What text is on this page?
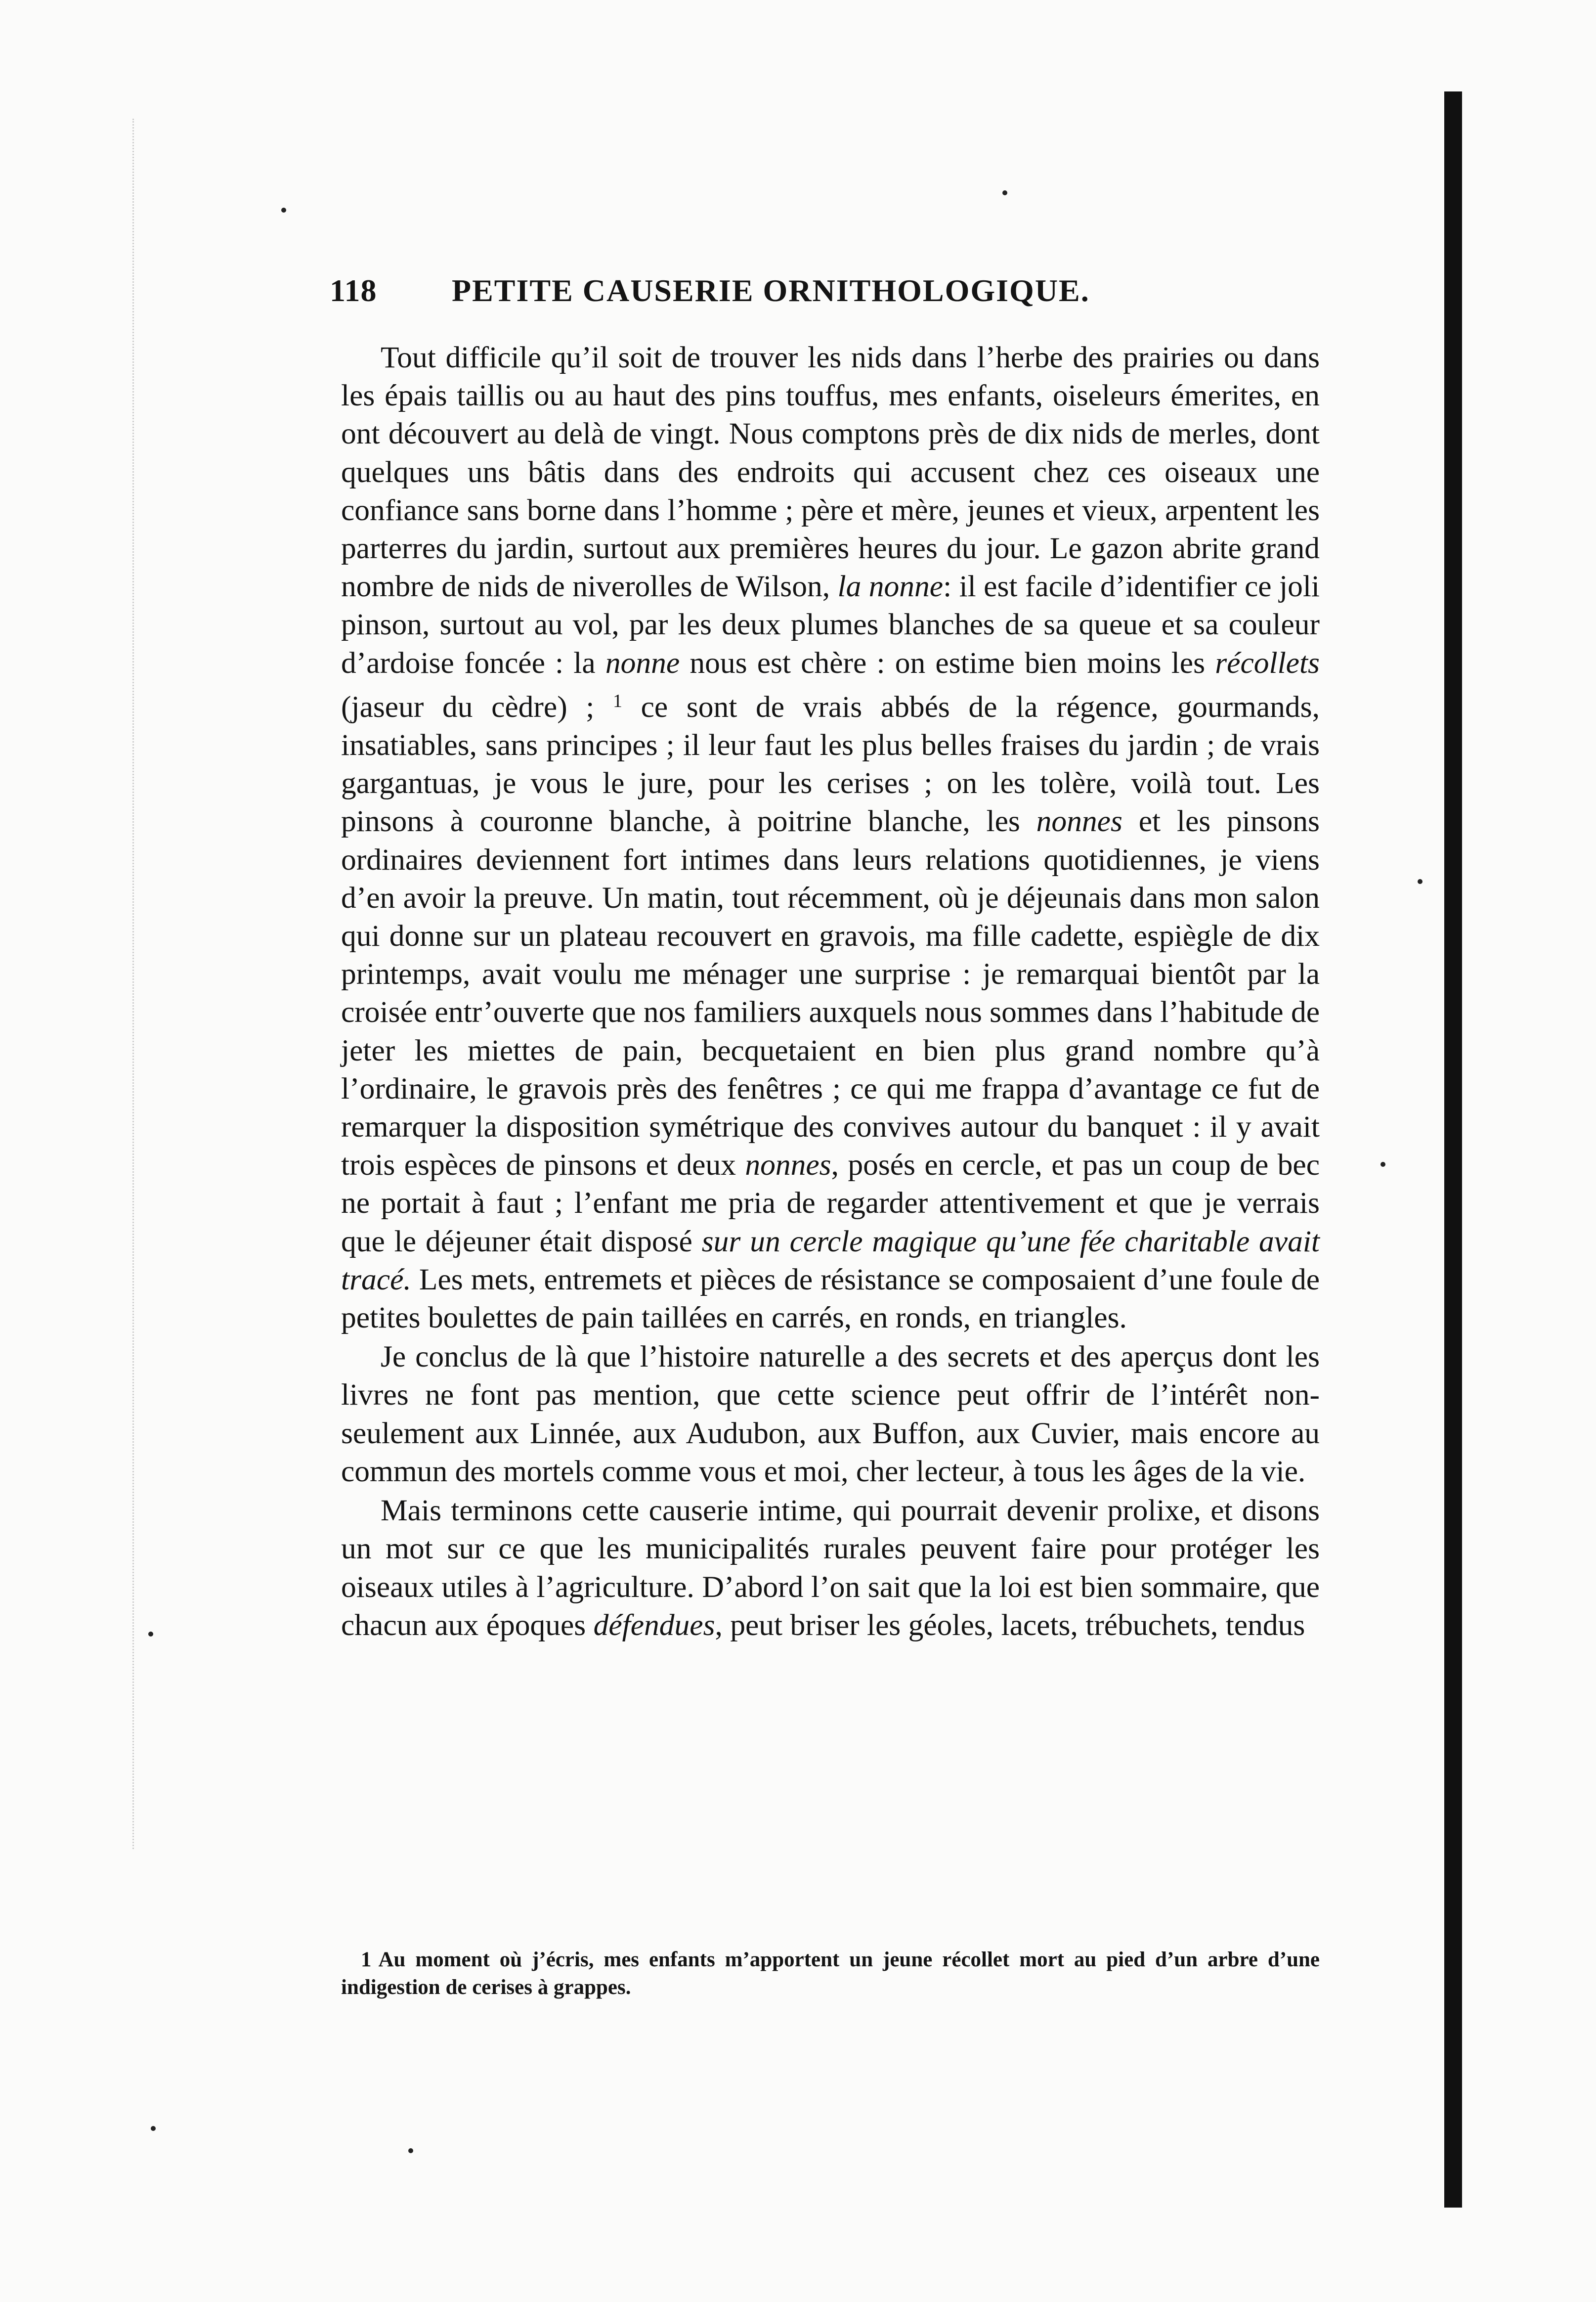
118 PETITE CAUSERIE ORNITHOLOGIQUE.

Tout difficile qu’il soit de trouver les nids dans l’herbe des prairies ou dans les épais taillis ou au haut des pins touffus, mes enfants, oiseleurs émerites, en ont découvert au delà de vingt. Nous comptons près de dix nids de merles, dont quelques uns bâtis dans des endroits qui accusent chez ces oiseaux une confiance sans borne dans l’homme ; père et mère, jeunes et vieux, arpentent les parterres du jardin, surtout aux premières heures du jour. Le gazon abrite grand nombre de nids de niverolles de Wilson, la nonne: il est facile d’identifier ce joli pinson, surtout au vol, par les deux plumes blanches de sa queue et sa couleur d’ardoise foncée : la nonne nous est chère : on estime bien moins les récollets (jaseur du cèdre) ; $^1$ ce sont de vrais abbés de la régence, gourmands, insatiables, sans principes ; il leur faut les plus belles fraises du jardin ; de vrais gargantuas, je vous le jure, pour les cerises ; on les tolère, voilà tout. Les pinsons à couronne blanche, à poitrine blanche, les nonnes et les pinsons ordinaires deviennent fort intimes dans leurs relations quotidiennes, je viens d’en avoir la preuve. Un matin, tout récemment, où je déjeunais dans mon salon qui donne sur un plateau recouvert en gravois, ma fille cadette, espiègle de dix printemps, avait voulu me ménager une surprise : je remarquai bientôt par la croisée entr’ouverte que nos familiers auxquels nous sommes dans l’habitude de jeter les miettes de pain, becquetaient en bien plus grand nombre qu’à l’ordinaire, le gravois près des fenêtres ; ce qui me frappa d’avantage ce fut de remarquer la disposition symétrique des convives autour du banquet : il y avait trois espèces de pinsons et deux nonnes, posés en cercle, et pas un coup de bec ne portait à faut ; l’enfant me pria de regarder attentivement et que je verrais que le déjeuner était disposé sur un cercle magique qu’une fée charitable avait tracé. Les mets, entremets et pièces de résistance se composaient d’une foule de petites boulettes de pain taillées en carrés, en ronds, en triangles.

Je conclus de là que l’histoire naturelle a des secrets et des aperçus dont les livres ne font pas mention, que cette science peut offrir de l’intérêt non-seulement aux Linnée, aux Audubon, aux Buffon, aux Cuvier, mais encore au commun des mortels comme vous et moi, cher lecteur, à tous les âges de la vie.

Mais terminons cette causerie intime, qui pourrait devenir prolixe, et disons un mot sur ce que les municipalités rurales peuvent faire pour protéger les oiseaux utiles à l’agriculture. D’abord l’on sait que la loi est bien sommaire, que chacun aux époques défendues, peut briser les géoles, lacets, trébuchets, tendus

1 Au moment où j’écris, mes enfants m’apportent un jeune récollet mort au pied d’un arbre d’une indigestion de cerises à grappes.
